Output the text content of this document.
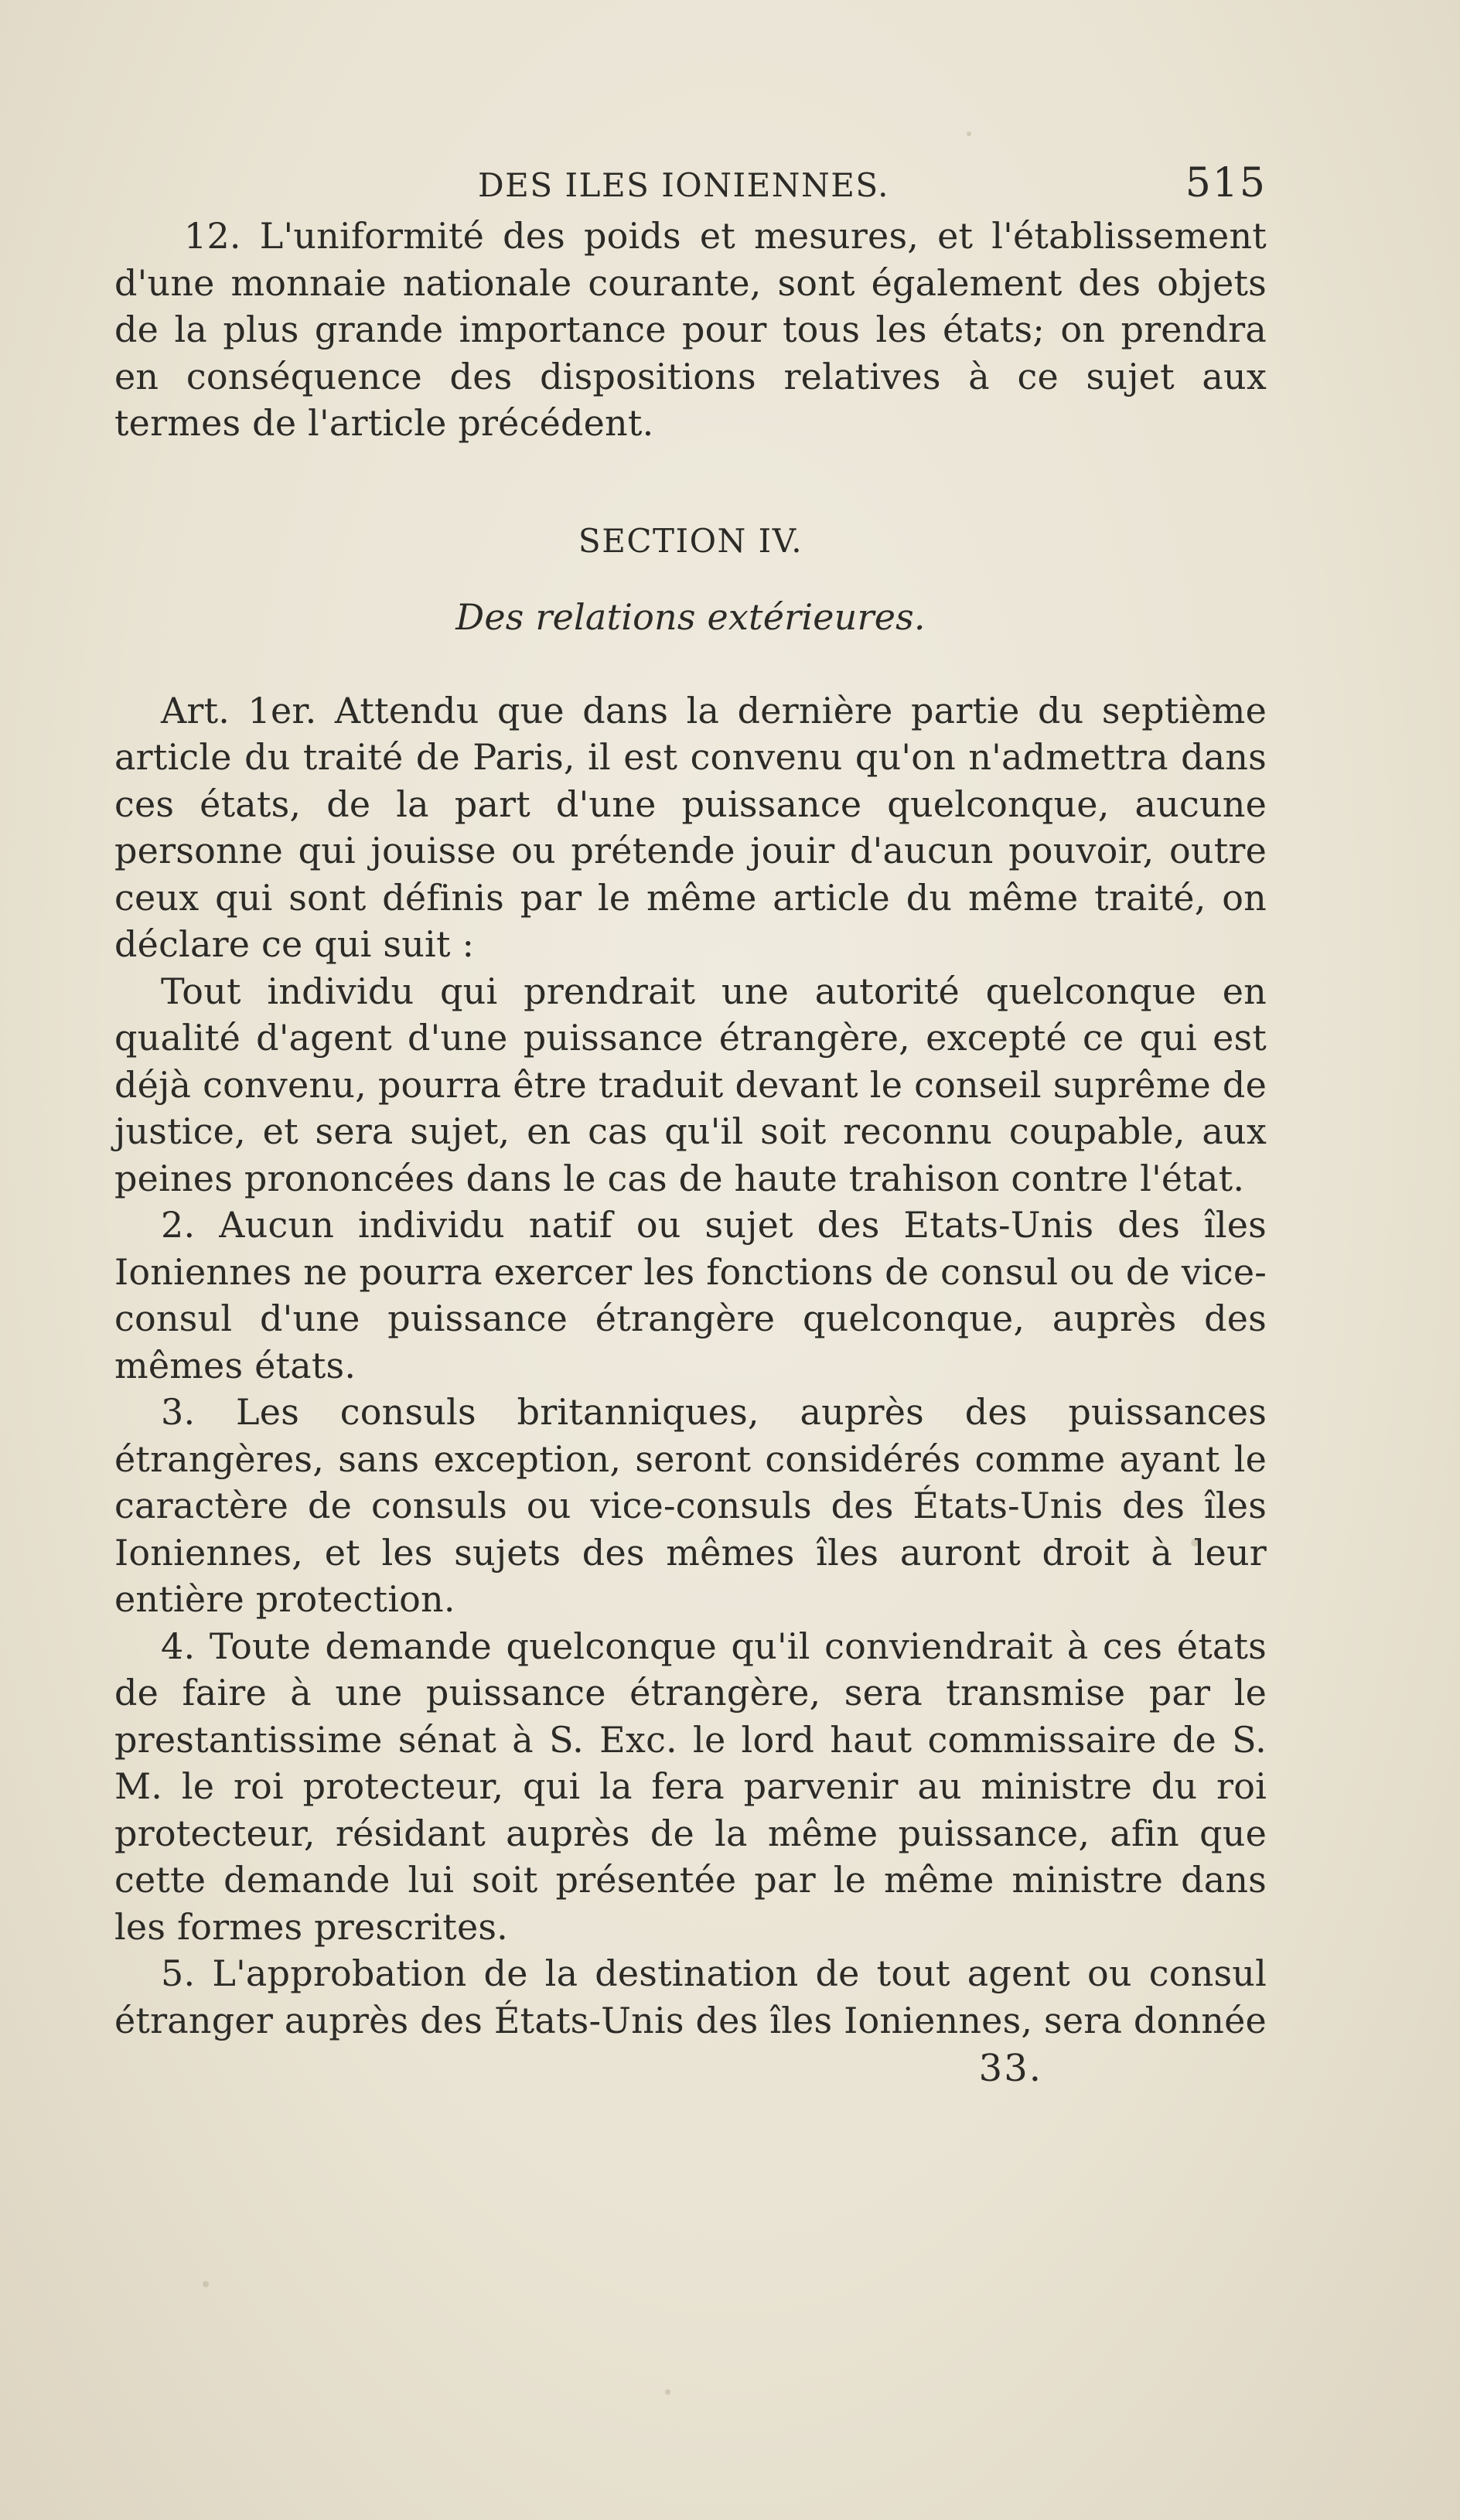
DES ILES IONIENNES.	515

12. L'uniformité des poids et mesures, et l'établissement d'une monnaie nationale courante, sont également des objets de la plus grande importance pour tous les états; on prendra en conséquence des dispositions relatives à ce sujet aux termes de l'article précédent.

SECTION IV.
Des relations extérieures.

Art. 1er. Attendu que dans la dernière partie du septième article du traité de Paris, il est convenu qu'on n'admettra dans ces états, de la part d'une puissance quelconque, aucune personne qui jouisse ou prétende jouir d'aucun pouvoir, outre ceux qui sont définis par le même article du même traité, on déclare ce qui suit :

Tout individu qui prendrait une autorité quelconque en qualité d'agent d'une puissance étrangère, excepté ce qui est déjà convenu, pourra être traduit devant le conseil suprême de justice, et sera sujet, en cas qu'il soit reconnu coupable, aux peines prononcées dans le cas de haute trahison contre l'état.

2. Aucun individu natif ou sujet des Etats-Unis des îles Ioniennes ne pourra exercer les fonctions de consul ou de vice-consul d'une puissance étrangère quelconque, auprès des mêmes états.

3. Les consuls britanniques, auprès des puissances étrangères, sans exception, seront considérés comme ayant le caractère de consuls ou vice-consuls des États-Unis des îles Ioniennes, et les sujets des mêmes îles auront droit à leur entière protection.

4. Toute demande quelconque qu'il conviendrait à ces états de faire à une puissance étrangère, sera transmise par le prestantissime sénat à S. Exc. le lord haut commissaire de S. M. le roi protecteur, qui la fera parvenir au ministre du roi protecteur, résidant auprès de la même puissance, afin que cette demande lui soit présentée par le même ministre dans les formes prescrites.

5. L'approbation de la destination de tout agent ou consul étranger auprès des États-Unis des îles Ioniennes, sera donnée

33.
